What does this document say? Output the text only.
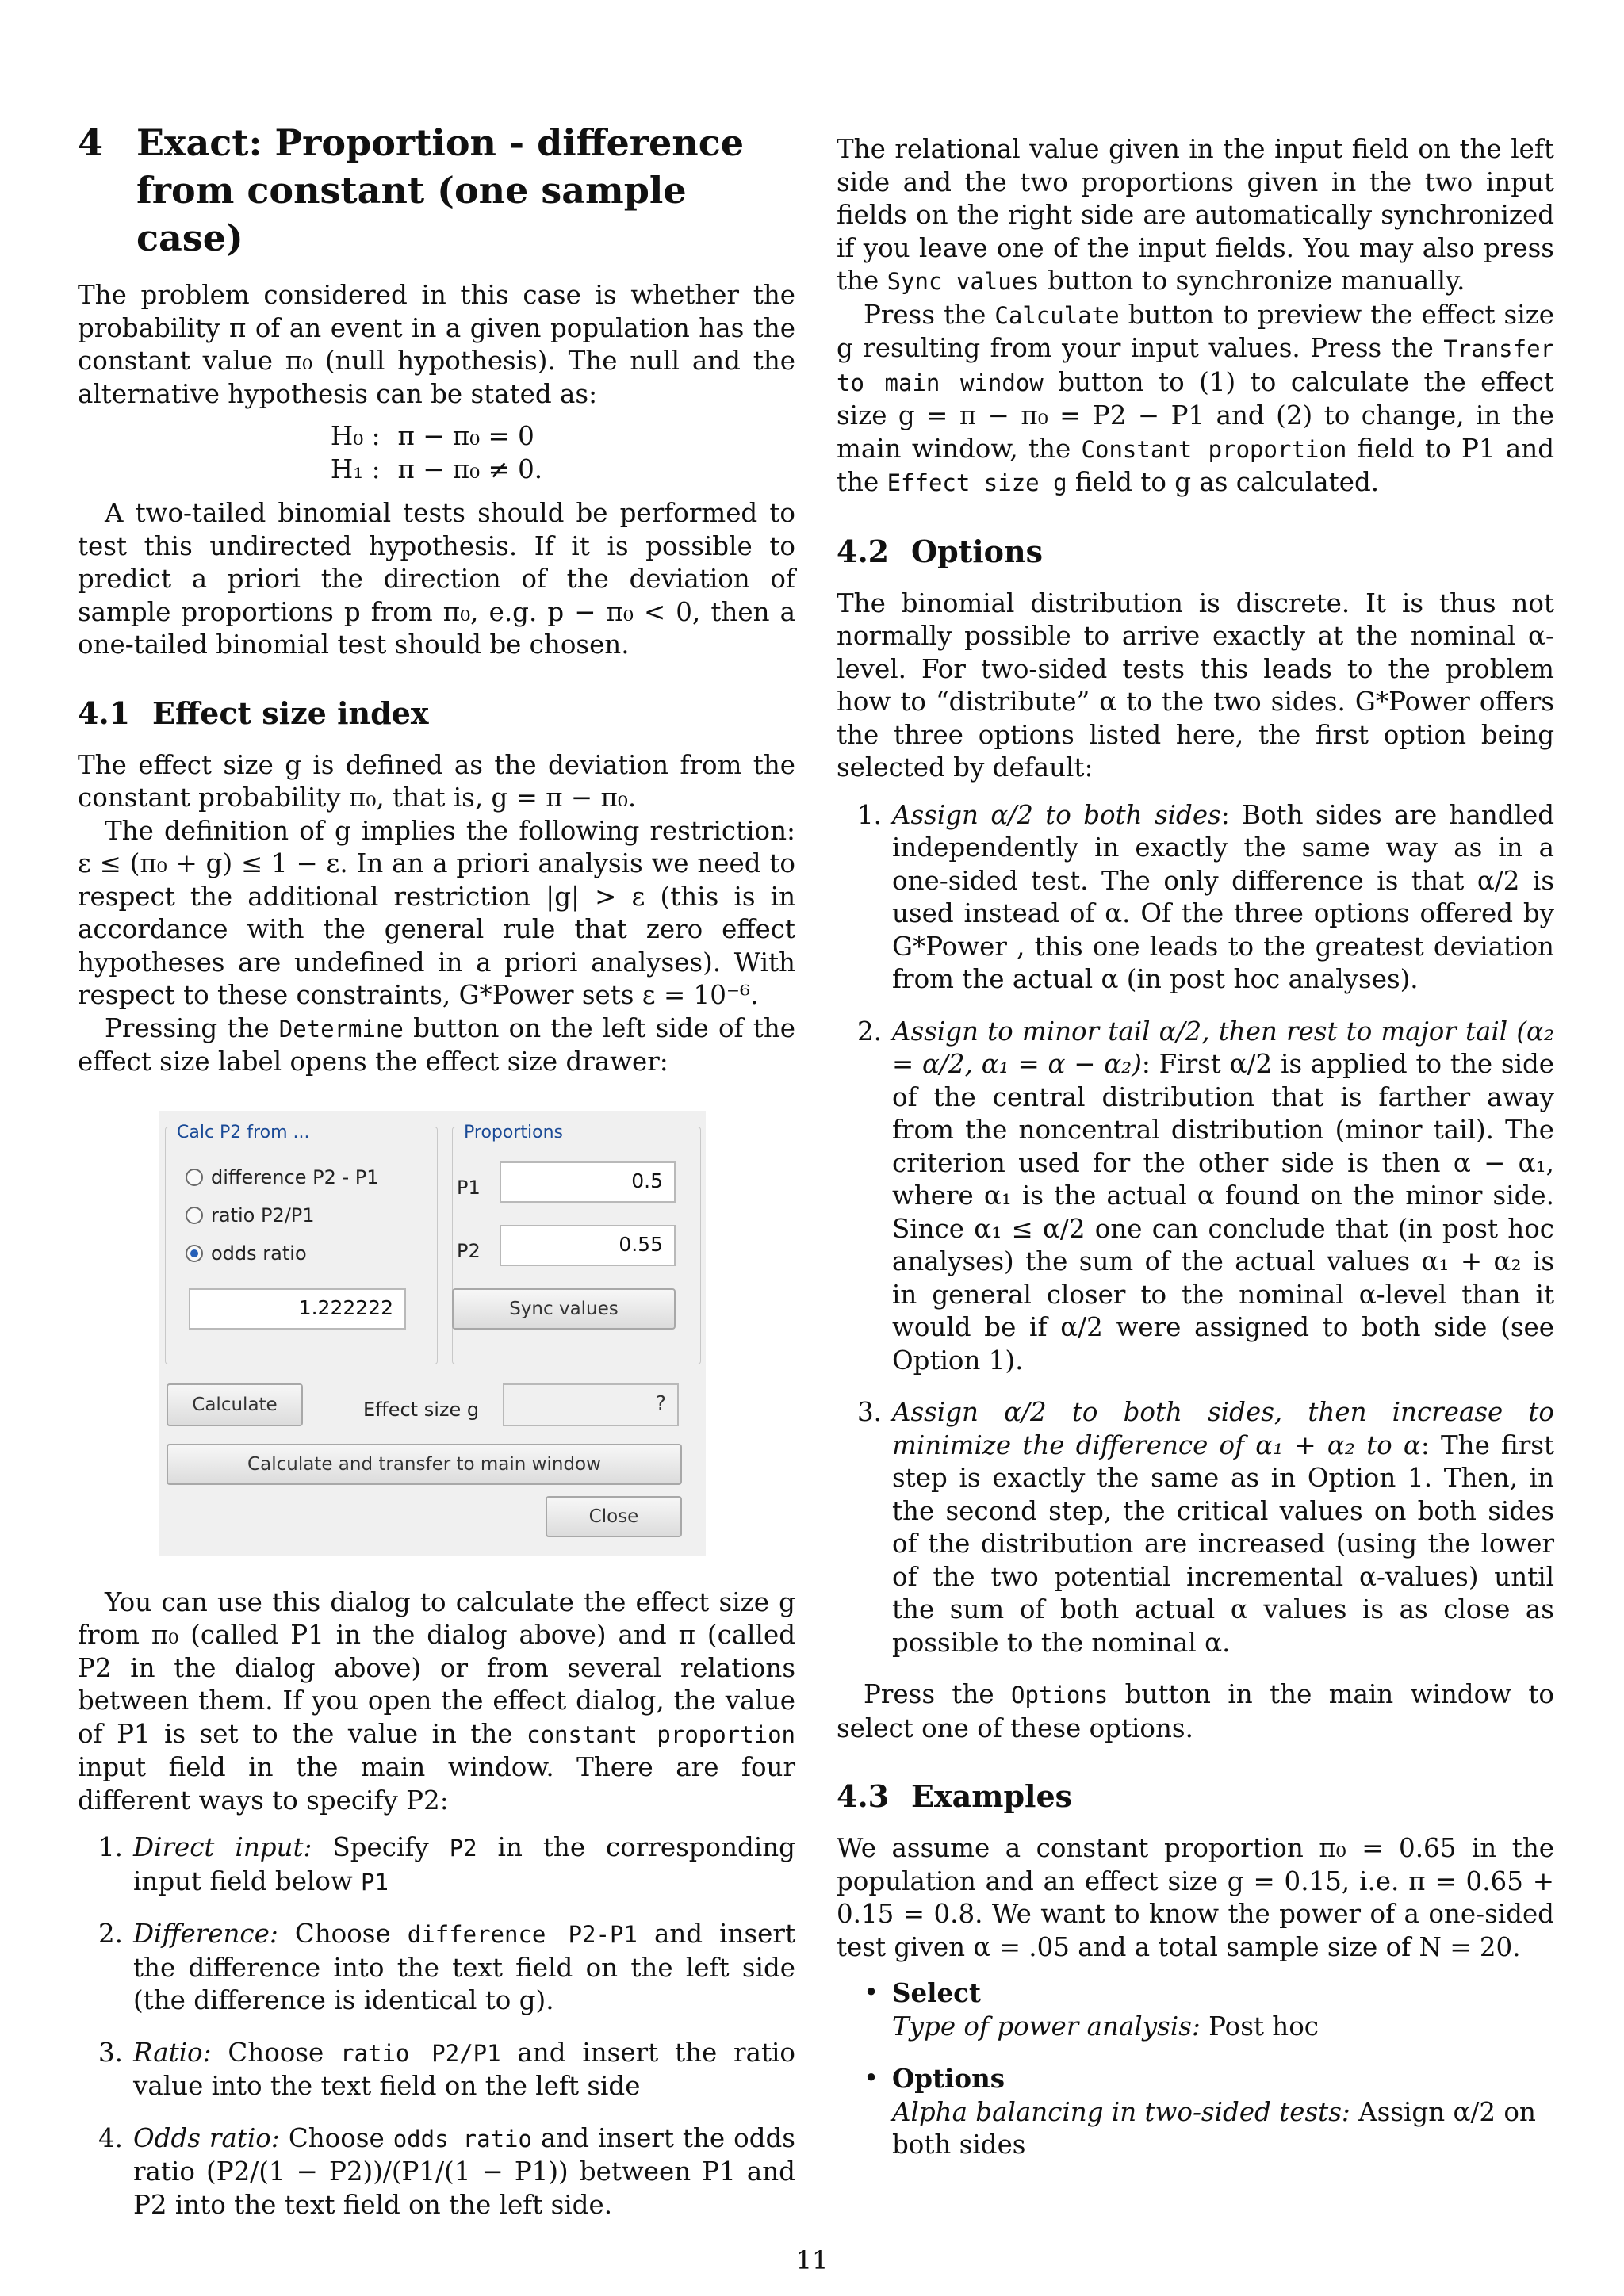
4 Exact: Proportion - difference from constant (one sample case)

The problem considered in this case is whether the probability π of an event in a given population has the constant value π₀ (null hypothesis). The null and the alternative hypothesis can be stated as:

H₀ : π − π₀ = 0
H₁ : π − π₀ ≠ 0.

A two-tailed binomial tests should be performed to test this undirected hypothesis. If it is possible to predict a priori the direction of the deviation of sample proportions p from π₀, e.g. p − π₀ < 0, then a one-tailed binomial test should be chosen.

4.1 Effect size index

The effect size g is defined as the deviation from the constant probability π₀, that is, g = π − π₀.

The definition of g implies the following restriction: ε ≤ (π₀ + g) ≤ 1 − ε. In an a priori analysis we need to respect the additional restriction |g| > ε (this is in accordance with the general rule that zero effect hypotheses are undefined in a priori analyses). With respect to these constraints, G*Power sets ε = 10⁻⁶.

Pressing the Determine button on the left side of the effect size label opens the effect size drawer:

Calc P2 from ...
difference P2 - P1
ratio P2/P1
odds ratio
1.222222
Proportions
P1	0.5
P2	0.55
Sync values
Calculate	Effect size g	?
Calculate and transfer to main window
Close

You can use this dialog to calculate the effect size g from π₀ (called P1 in the dialog above) and π (called P2 in the dialog above) or from several relations between them. If you open the effect dialog, the value of P1 is set to the value in the constant proportion input field in the main window. There are four different ways to specify P2:

1. Direct input: Specify P2 in the corresponding input field below P1
2. Difference: Choose difference P2-P1 and insert the difference into the text field on the left side (the difference is identical to g).
3. Ratio: Choose ratio P2/P1 and insert the ratio value into the text field on the left side
4. Odds ratio: Choose odds ratio and insert the odds ratio (P2/(1 − P2))/(P1/(1 − P1)) between P1 and P2 into the text field on the left side.

The relational value given in the input field on the left side and the two proportions given in the two input fields on the right side are automatically synchronized if you leave one of the input fields. You may also press the Sync values button to synchronize manually.

Press the Calculate button to preview the effect size g resulting from your input values. Press the Transfer to main window button to (1) to calculate the effect size g = π − π₀ = P2 − P1 and (2) to change, in the main window, the Constant proportion field to P1 and the Effect size g field to g as calculated.

4.2 Options

The binomial distribution is discrete. It is thus not normally possible to arrive exactly at the nominal α-level. For two-sided tests this leads to the problem how to “distribute” α to the two sides. G*Power offers the three options listed here, the first option being selected by default:

1. Assign α/2 to both sides: Both sides are handled independently in exactly the same way as in a one-sided test. The only difference is that α/2 is used instead of α. Of the three options offered by G*Power , this one leads to the greatest deviation from the actual α (in post hoc analyses).
2. Assign to minor tail α/2, then rest to major tail (α₂ = α/2, α₁ = α − α₂): First α/2 is applied to the side of the central distribution that is farther away from the noncentral distribution (minor tail). The criterion used for the other side is then α − α₁, where α₁ is the actual α found on the minor side. Since α₁ ≤ α/2 one can conclude that (in post hoc analyses) the sum of the actual values α₁ + α₂ is in general closer to the nominal α-level than it would be if α/2 were assigned to both side (see Option 1).
3. Assign α/2 to both sides, then increase to minimize the difference of α₁ + α₂ to α: The first step is exactly the same as in Option 1. Then, in the second step, the critical values on both sides of the distribution are increased (using the lower of the two potential incremental α-values) until the sum of both actual α values is as close as possible to the nominal α.

Press the Options button in the main window to select one of these options.

4.3 Examples

We assume a constant proportion π₀ = 0.65 in the population and an effect size g = 0.15, i.e. π = 0.65 + 0.15 = 0.8. We want to know the power of a one-sided test given α = .05 and a total sample size of N = 20.

• Select
Type of power analysis: Post hoc
• Options
Alpha balancing in two-sided tests: Assign α/2 on both sides
11
